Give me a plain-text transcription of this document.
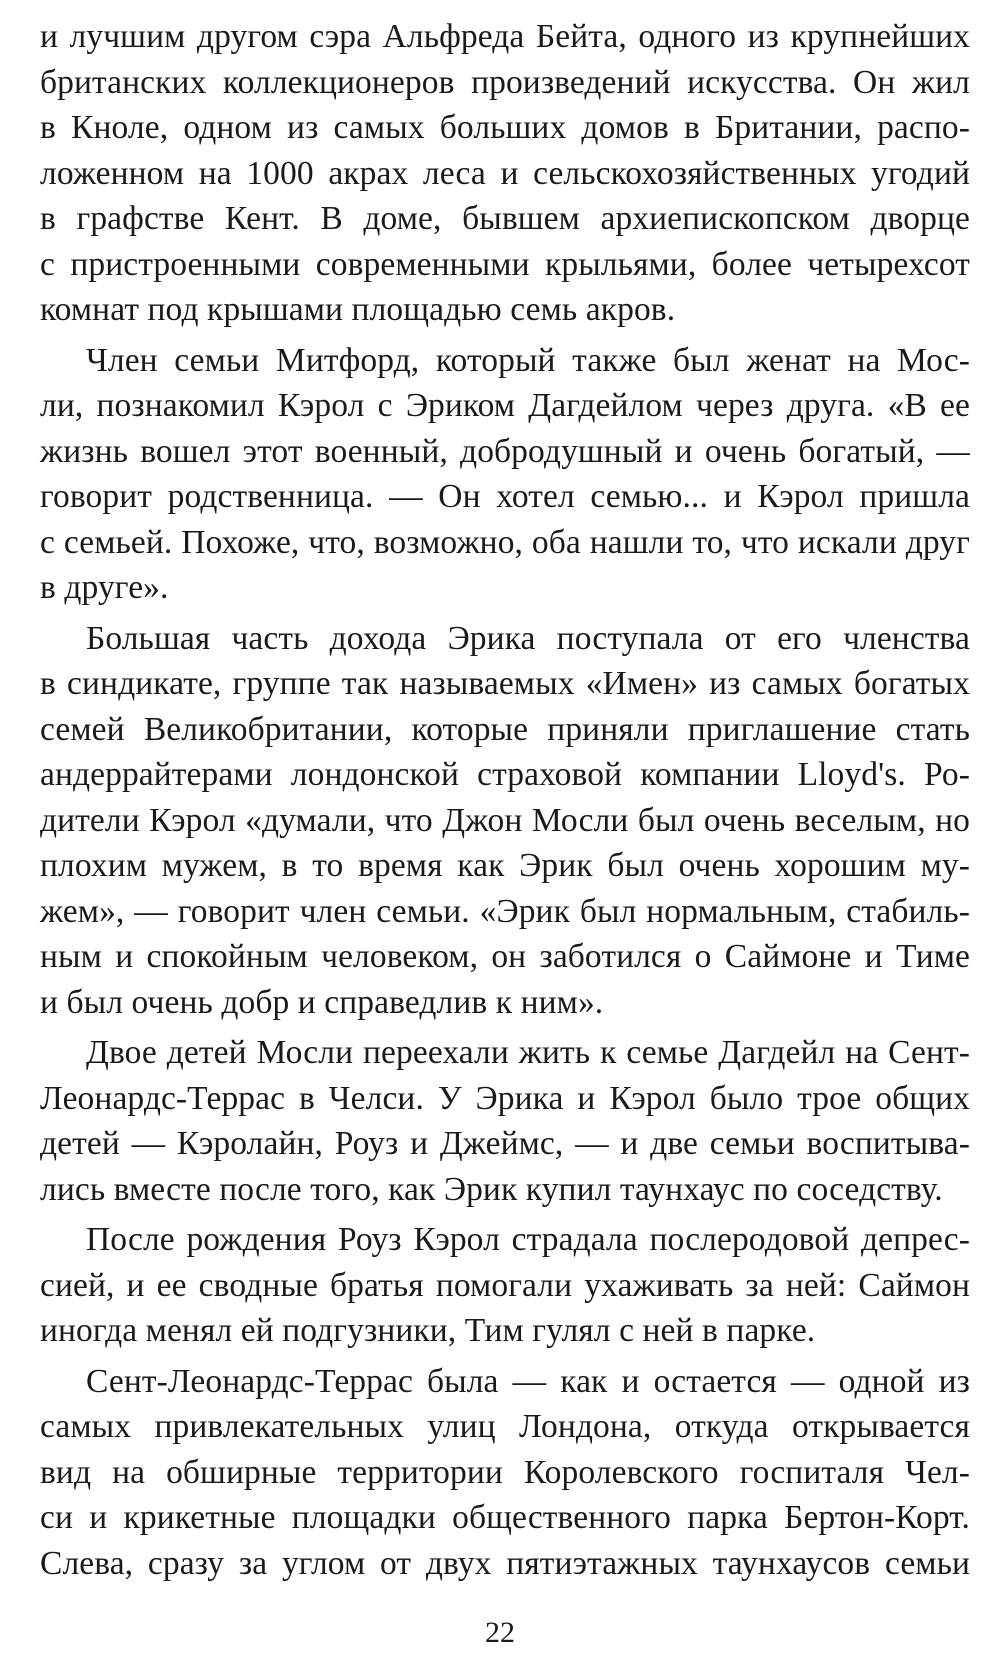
и лучшим другом сэра Альфреда Бейта, одного из крупнейших
британских коллекционеров произведений искусства. Он жил
в Кноле, одном из самых больших домов в Британии, распо-
ложенном на 1000 акрах леса и сельскохозяйственных угодий
в графстве Кент. В доме, бывшем архиепископском дворце
с пристроенными современными крыльями, более четырехсот
комнат под крышами площадью семь акров.
Член семьи Митфорд, который также был женат на Мос-
ли, познакомил Кэрол с Эриком Дагдейлом через друга. «В ее
жизнь вошел этот военный, добродушный и очень богатый, —
говорит родственница. — Он хотел семью... и Кэрол пришла
с семьей. Похоже, что, возможно, оба нашли то, что искали друг
в друге».
Большая часть дохода Эрика поступала от его членства
в синдикате, группе так называемых «Имен» из самых богатых
семей Великобритании, которые приняли приглашение стать
андеррайтерами лондонской страховой компании Lloyd's. Ро-
дители Кэрол «думали, что Джон Мосли был очень веселым, но
плохим мужем, в то время как Эрик был очень хорошим му-
жем», — говорит член семьи. «Эрик был нормальным, стабиль-
ным и спокойным человеком, он заботился о Саймоне и Тиме
и был очень добр и справедлив к ним».
Двое детей Мосли переехали жить к семье Дагдейл на Сент-
Леонардс-Террас в Челси. У Эрика и Кэрол было трое общих
детей — Кэролайн, Роуз и Джеймс, — и две семьи воспитыва-
лись вместе после того, как Эрик купил таунхаус по соседству.
После рождения Роуз Кэрол страдала послеродовой депрес-
сией, и ее сводные братья помогали ухаживать за ней: Саймон
иногда менял ей подгузники, Тим гулял с ней в парке.
Сент-Леонардс-Террас была — как и остается — одной из
самых привлекательных улиц Лондона, откуда открывается
вид на обширные территории Королевского госпиталя Чел-
си и крикетные площадки общественного парка Бертон-Корт.
Слева, сразу за углом от двух пятиэтажных таунхаусов семьи
22
